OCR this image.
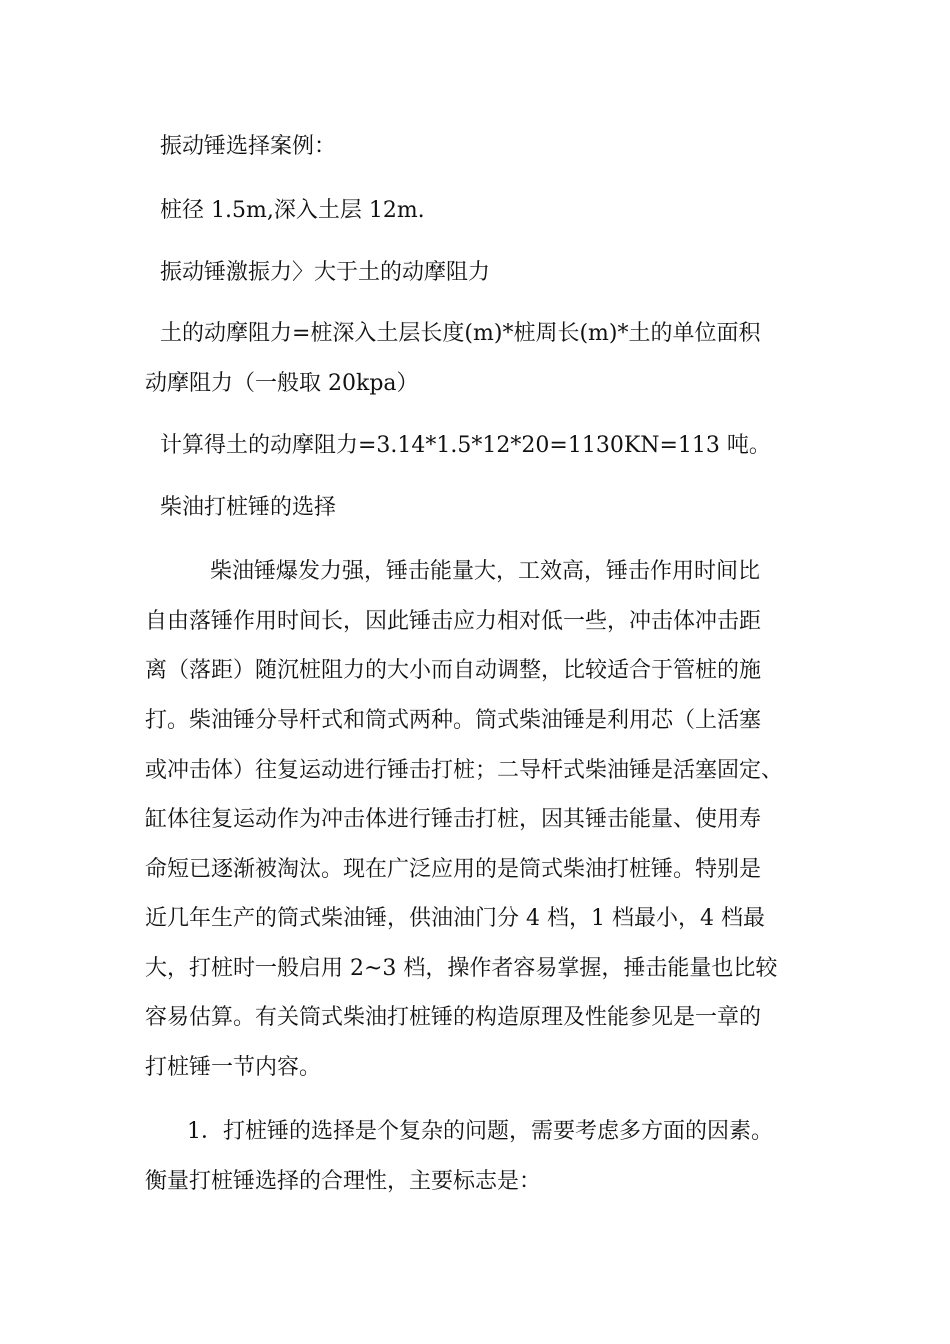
振动锤选择案例：
桩径 1.5m,深入土层 12m.
振动锤激振力〉大于土的动摩阻力
土的动摩阻力=桩深入土层长度(m)*桩周长(m)*土的单位面积
动摩阻力（一般取 20kpa）
计算得土的动摩阻力=3.14*1.5*12*20=1130KN=113 吨。
柴油打桩锤的选择
柴油锤爆发力强，锤击能量大，工效高，锤击作用时间比
自由落锤作用时间长，因此锤击应力相对低一些，冲击体冲击距
离（落距）随沉桩阻力的大小而自动调整，比较适合于管桩的施
打。柴油锤分导杆式和筒式两种。筒式柴油锤是利用芯（上活塞
或冲击体）往复运动进行锤击打桩；二导杆式柴油锤是活塞固定、
缸体往复运动作为冲击体进行锤击打桩，因其锤击能量、使用寿
命短已逐渐被淘汰。现在广泛应用的是筒式柴油打桩锤。特别是
近几年生产的筒式柴油锤，供油油门分 4 档，1 档最小，4 档最
大，打桩时一般启用 2~3 档，操作者容易掌握，捶击能量也比较
容易估算。有关筒式柴油打桩锤的构造原理及性能参见是一章的
打桩锤一节内容。
1．打桩锤的选择是个复杂的问题，需要考虑多方面的因素。
衡量打桩锤选择的合理性，主要标志是：
